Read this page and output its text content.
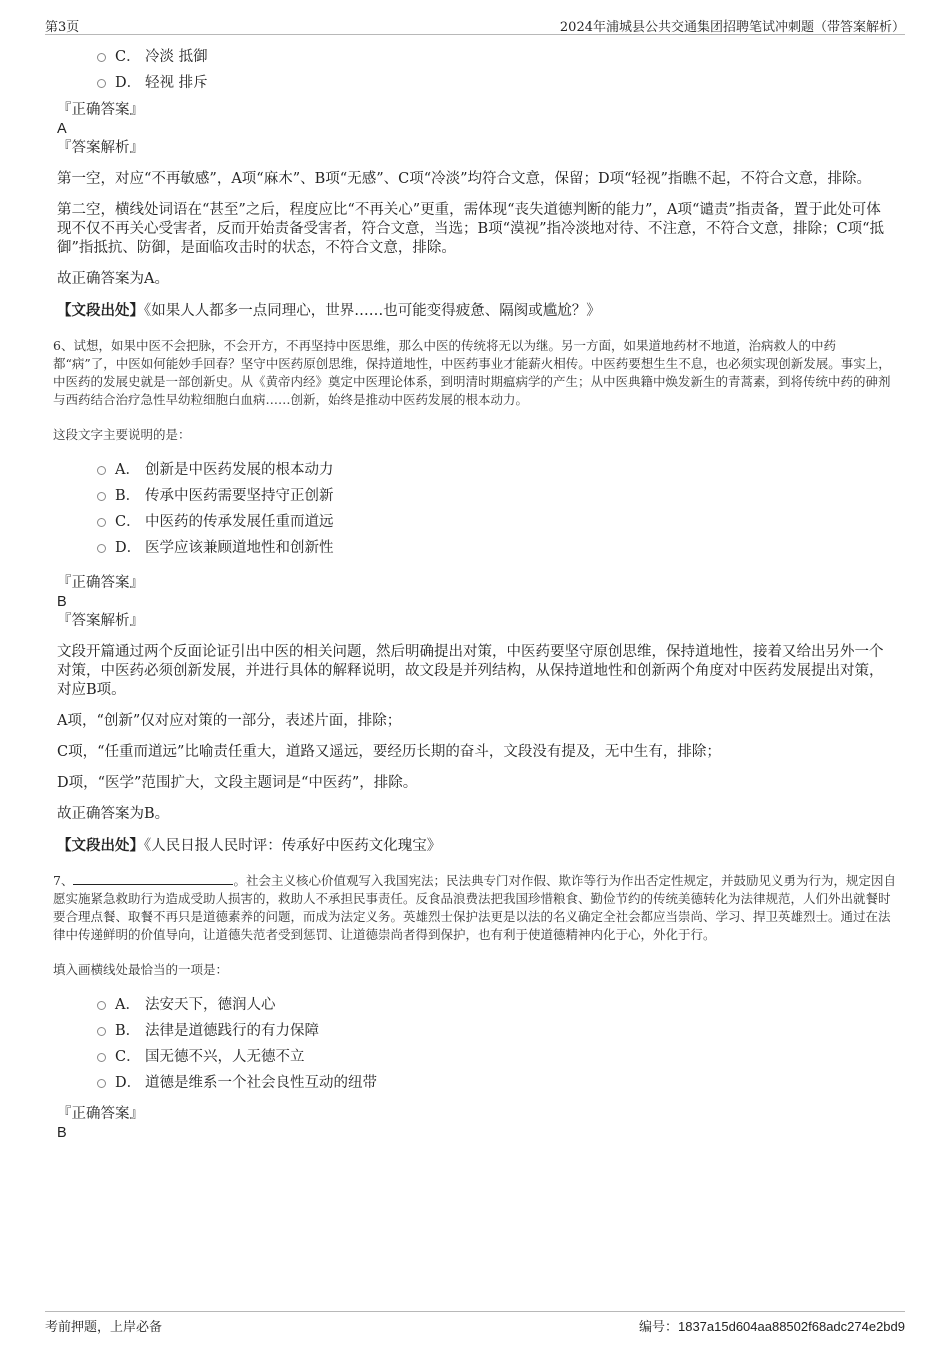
第3页	2024年浦城县公共交通集团招聘笔试冲刺题（带答案解析）
C． 冷淡 抵御
D． 轻视 排斥
『正确答案』
A
『答案解析』

第一空，对应“不再敏感”，A项“麻木”、B项“无感”、C项“冷淡”均符合文意，保留；D项“轻视”指瞧不起，不符合文意，排除。

第二空，横线处词语在“甚至”之后，程度应比“不再关心”更重，需体现“丧失道德判断的能力”，A项“谴责”指责备，置于此处可体现不仅不再关心受害者，反而开始责备受害者，符合文意，当选；B项“漠视”指冷淡地对待、不注意，不符合文意，排除；C项“抵御”指抵抗、防御，是面临攻击时的状态，不符合文意，排除。

故正确答案为A。

【文段出处】《如果人人都多一点同理心，世界……也可能变得疲惫、隔阂或尴尬？》
6、试想，如果中医不会把脉，不会开方，不再坚持中医思维，那么中医的传统将无以为继。另一方面，如果道地药材不地道，治病救人的中药都“病”了，中医如何能妙手回春？坚守中医药原创思维，保持道地性，中医药事业才能薪火相传。中医药要想生生不息，也必须实现创新发展。事实上，中医药的发展史就是一部创新史。从《黄帝内经》奠定中医理论体系，到明清时期瘟病学的产生；从中医典籍中焕发新生的青蒿素，到将传统中药的砷剂与西药结合治疗急性早幼粒细胞白血病……创新，始终是推动中医药发展的根本动力。
这段文字主要说明的是：
A． 创新是中医药发展的根本动力
B． 传承中医药需要坚持守正创新
C． 中医药的传承发展任重而道远
D． 医学应该兼顾道地性和创新性
『正确答案』
B
『答案解析』

文段开篇通过两个反面论证引出中医的相关问题，然后明确提出对策，中医药要坚守原创思维，保持道地性，接着又给出另外一个对策，中医药必须创新发展，并进行具体的解释说明，故文段是并列结构，从保持道地性和创新两个角度对中医药发展提出对策，对应B项。

A项，“创新”仅对应对策的一部分，表述片面，排除；

C项，“任重而道远”比喻责任重大，道路又遥远，要经历长期的奋斗，文段没有提及，无中生有，排除；

D项，“医学”范围扩大，文段主题词是“中医药”，排除。

故正确答案为B。

【文段出处】《人民日报人民时评：传承好中医药文化瑰宝》
7、	。社会主义核心价值观写入我国宪法；民法典专门对作假、欺诈等行为作出否定性规定，并鼓励见义勇为行为，规定因自愿实施紧急救助行为造成受助人损害的，救助人不承担民事责任。反食品浪费法把我国珍惜粮食、勤俭节约的传统美德转化为法律规范，人们外出就餐时要合理点餐、取餐不再只是道德素养的问题，而成为法定义务。英雄烈士保护法更是以法的名义确定全社会都应当崇尚、学习、捍卫英雄烈士。通过在法律中传递鲜明的价值导向，让道德失范者受到惩罚、让道德崇尚者得到保护，也有利于使道德精神内化于心，外化于行。
填入画横线处最恰当的一项是：
A． 法安天下，德润人心
B． 法律是道德践行的有力保障
C． 国无德不兴，人无德不立
D． 道德是维系一个社会良性互动的纽带
『正确答案』
B
考前押题，上岸必备	编号：1837a15d604aa88502f68adc274e2bd9
